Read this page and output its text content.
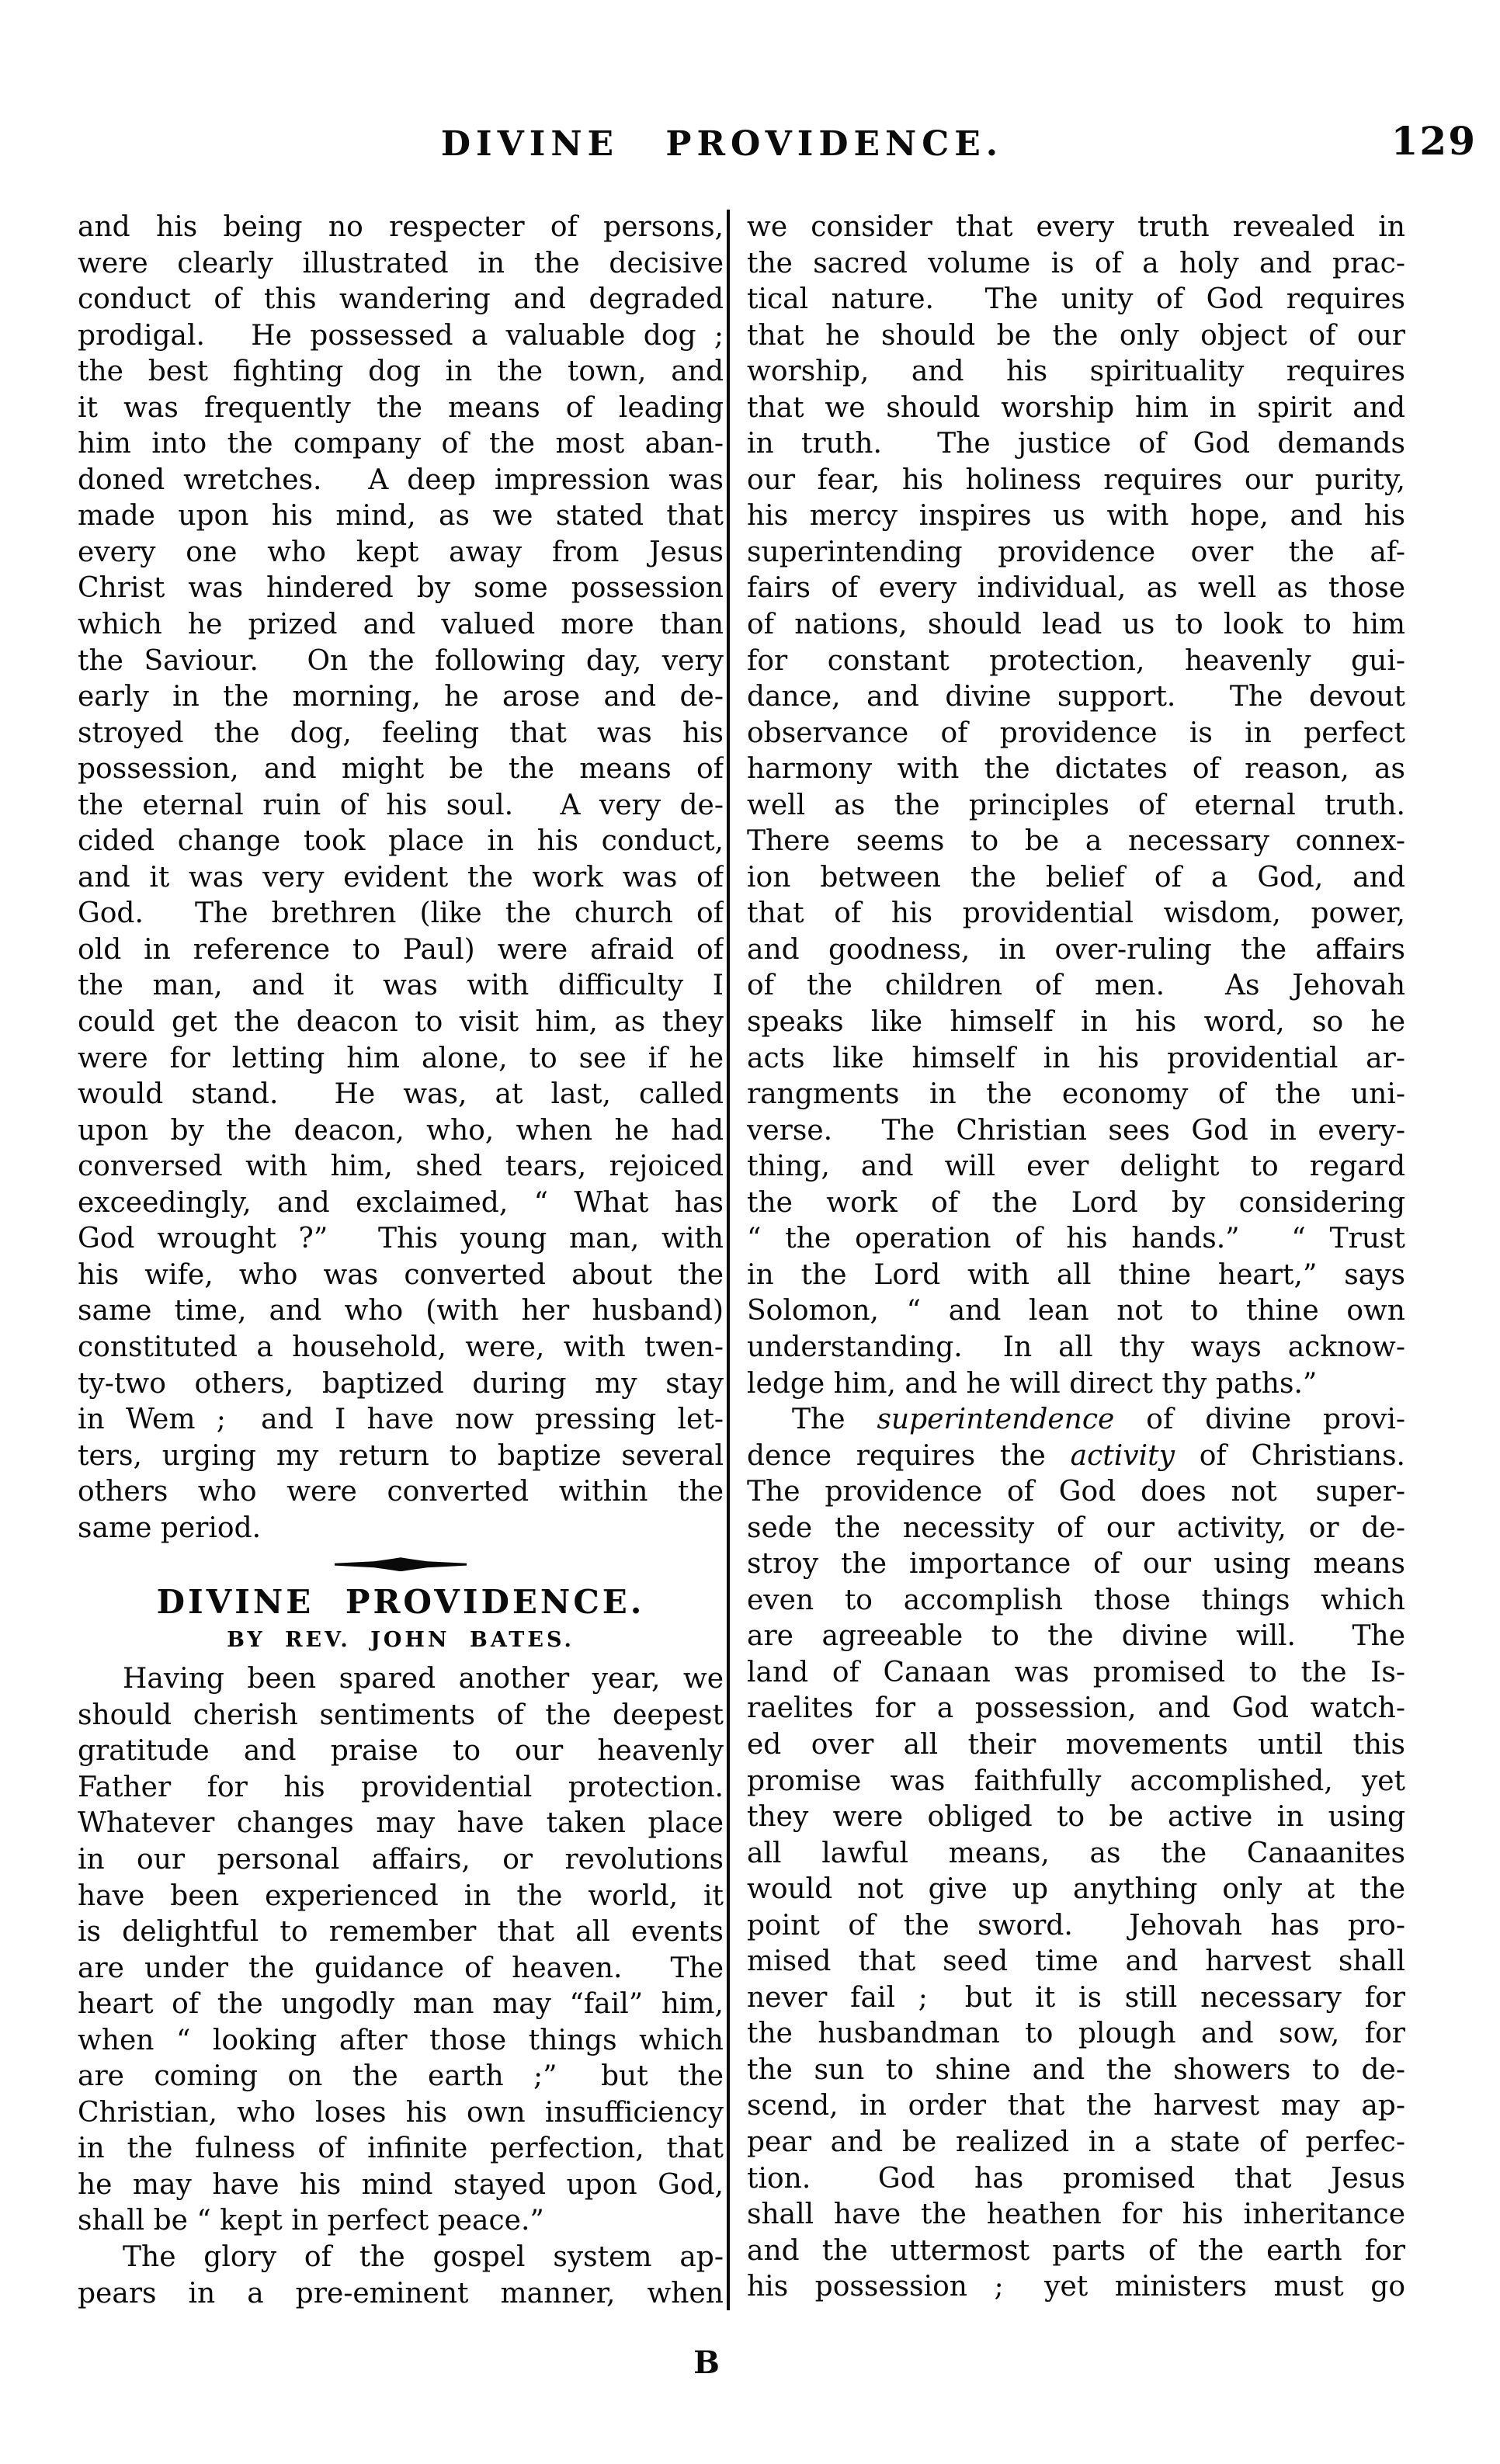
DIVINE PROVIDENCE.	129
and his being no respecter of persons,
were clearly illustrated in the decisive
conduct of this wandering and degraded
prodigal.  He possessed a valuable dog ;
the best fighting dog in the town, and
it was frequently the means of leading
him into the company of the most aban-
doned wretches.  A deep impression was
made upon his mind, as we stated that
every one who kept away from Jesus
Christ was hindered by some possession
which he prized and valued more than
the Saviour.  On the following day, very
early in the morning, he arose and de-
stroyed the dog, feeling that was his
possession, and might be the means of
the eternal ruin of his soul.  A very de-
cided change took place in his conduct,
and it was very evident the work was of
God.  The brethren (like the church of
old in reference to Paul) were afraid of
the man, and it was with difficulty I
could get the deacon to visit him, as they
were for letting him alone, to see if he
would stand.  He was, at last, called
upon by the deacon, who, when he had
conversed with him, shed tears, rejoiced
exceedingly, and exclaimed, “ What has
God wrought ?”  This young man, with
his wife, who was converted about the
same time, and who (with her husband)
constituted a household, were, with twen-
ty-two others, baptized during my stay
in Wem ;  and I have now pressing let-
ters, urging my return to baptize several
others who were converted within the
same period.
DIVINE PROVIDENCE.
BY REV. JOHN BATES.
Having been spared another year, we
should cherish sentiments of the deepest
gratitude and praise to our heavenly
Father for his providential protection.
Whatever changes may have taken place
in our personal affairs, or revolutions
have been experienced in the world, it
is delightful to remember that all events
are under the guidance of heaven.  The
heart of the ungodly man may “fail” him,
when “ looking after those things which
are coming on the earth ;”  but the
Christian, who loses his own insufficiency
in the fulness of infinite perfection, that
he may have his mind stayed upon God,
shall be “ kept in perfect peace.”
The glory of the gospel system ap-
pears in a pre-eminent manner, when
we consider that every truth revealed in
the sacred volume is of a holy and prac-
tical nature.  The unity of God requires
that he should be the only object of our
worship, and his spirituality requires
that we should worship him in spirit and
in truth.  The justice of God demands
our fear, his holiness requires our purity,
his mercy inspires us with hope, and his
superintending providence over the af-
fairs of every individual, as well as those
of nations, should lead us to look to him
for constant protection, heavenly gui-
dance, and divine support.  The devout
observance of providence is in perfect
harmony with the dictates of reason, as
well as the principles of eternal truth.
There seems to be a necessary connex-
ion between the belief of a God, and
that of his providential wisdom, power,
and goodness, in over-ruling the affairs
of the children of men.  As Jehovah
speaks like himself in his word, so he
acts like himself in his providential ar-
rangments in the economy of the uni-
verse.  The Christian sees God in every-
thing, and will ever delight to regard
the work of the Lord by considering
“ the operation of his hands.”  “ Trust
in the Lord with all thine heart,” says
Solomon, “ and lean not to thine own
understanding.  In all thy ways acknow-
ledge him, and he will direct thy paths.”
The superintendence of divine provi-
dence requires the activity of Christians.
The providence of God does not  super-
sede the necessity of our activity, or de-
stroy the importance of our using means
even to accomplish those things which
are agreeable to the divine will.  The
land of Canaan was promised to the Is-
raelites for a possession, and God watch-
ed over all their movements until this
promise was faithfully accomplished, yet
they were obliged to be active in using
all lawful means, as the Canaanites
would not give up anything only at the
point of the sword.  Jehovah has pro-
mised that seed time and harvest shall
never fail ;  but it is still necessary for
the husbandman to plough and sow, for
the sun to shine and the showers to de-
scend, in order that the harvest may ap-
pear and be realized in a state of perfec-
tion.  God has promised that Jesus
shall have the heathen for his inheritance
and the uttermost parts of the earth for
his possession ;  yet ministers must go
B
